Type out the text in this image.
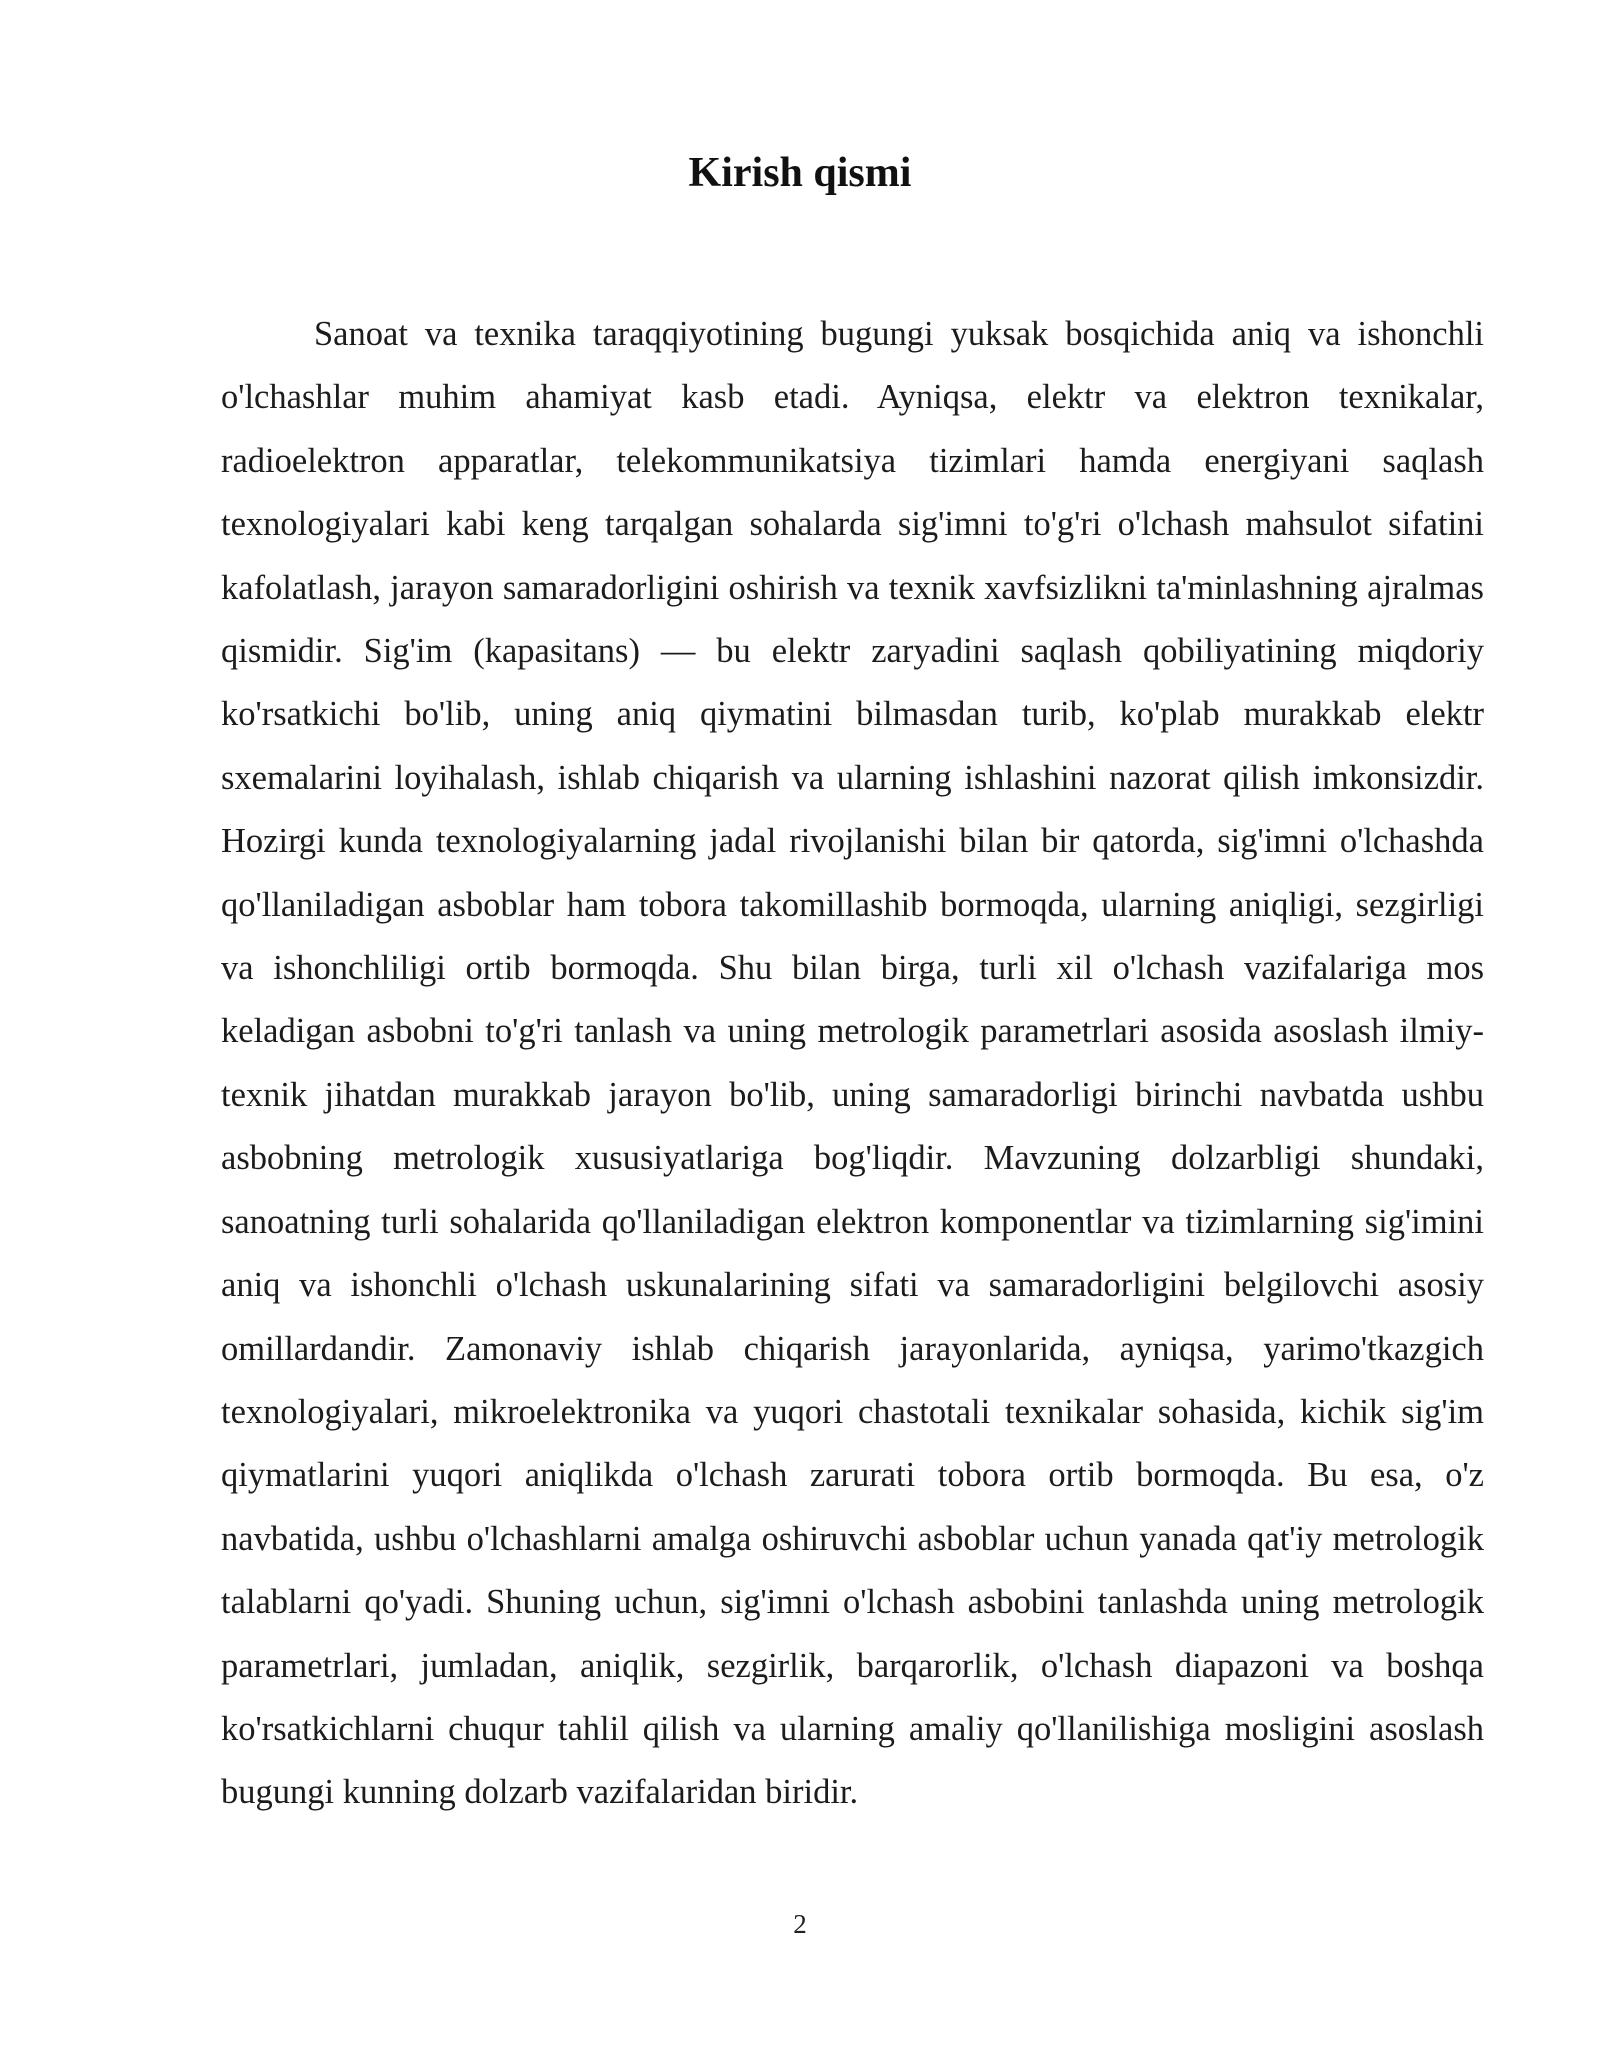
Kirish qismi

Sanoat va texnika taraqqiyotining bugungi yuksak bosqichida aniq va ishonchli o'lchashlar muhim ahamiyat kasb etadi. Ayniqsa, elektr va elektron texnikalar, radioelektron apparatlar, telekommunikatsiya tizimlari hamda energiyani saqlash texnologiyalari kabi keng tarqalgan sohalarda sig'imni to'g'ri o'lchash mahsulot sifatini kafolatlash, jarayon samaradorligini oshirish va texnik xavfsizlikni ta'minlashning ajralmas qismidir. Sig'im (kapasitans) — bu elektr zaryadini saqlash qobiliyatining miqdoriy ko'rsatkichi bo'lib, uning aniq qiymatini bilmasdan turib, ko'plab murakkab elektr sxemalarini loyihalash, ishlab chiqarish va ularning ishlashini nazorat qilish imkonsizdir. Hozirgi kunda texnologiyalarning jadal rivojlanishi bilan bir qatorda, sig'imni o'lchashda qo'llaniladigan asboblar ham tobora takomillashib bormoqda, ularning aniqligi, sezgirligi va ishonchliligi ortib bormoqda. Shu bilan birga, turli xil o'lchash vazifalariga mos keladigan asbobni to'g'ri tanlash va uning metrologik parametrlari asosida asoslash ilmiy-texnik jihatdan murakkab jarayon bo'lib, uning samaradorligi birinchi navbatda ushbu asbobning metrologik xususiyatlariga bog'liqdir. Mavzuning dolzarbligi shundaki, sanoatning turli sohalarida qo'llaniladigan elektron komponentlar va tizimlarning sig'imini aniq va ishonchli o'lchash uskunalarining sifati va samaradorligini belgilovchi asosiy omillardandir. Zamonaviy ishlab chiqarish jarayonlarida, ayniqsa, yarimo'tkazgich texnologiyalari, mikroelektronika va yuqori chastotali texnikalar sohasida, kichik sig'im qiymatlarini yuqori aniqlikda o'lchash zarurati tobora ortib bormoqda. Bu esa, o'z navbatida, ushbu o'lchashlarni amalga oshiruvchi asboblar uchun yanada qat'iy metrologik talablarni qo'yadi. Shuning uchun, sig'imni o'lchash asbobini tanlashda uning metrologik parametrlari, jumladan, aniqlik, sezgirlik, barqarorlik, o'lchash diapazoni va boshqa ko'rsatkichlarni chuqur tahlil qilish va ularning amaliy qo'llanilishiga mosligini asoslash bugungi kunning dolzarb vazifalaridan biridir.

2
